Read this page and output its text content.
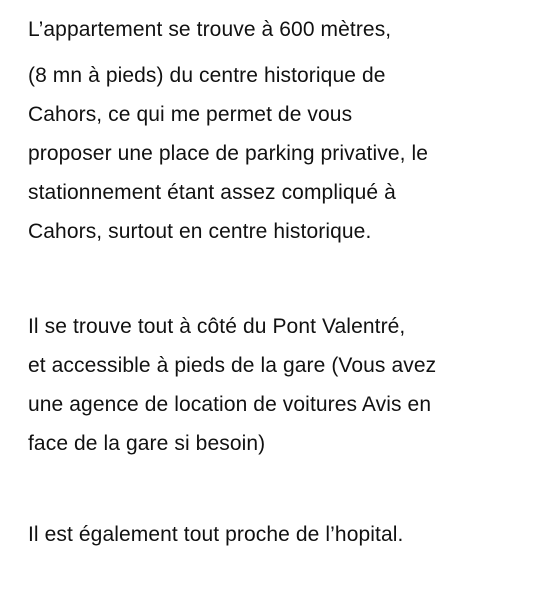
L’appartement se trouve à 600 mètres,
(8 mn à pieds) du centre historique de
Cahors, ce qui me permet de vous
proposer une place de parking privative, le
stationnement étant assez compliqué à
Cahors, surtout en centre historique.
Il se trouve tout à côté du Pont Valentré,
et accessible à pieds de la gare (Vous avez
une agence de location de voitures Avis en
face de la gare si besoin)
Il est également tout proche de l’hopital.
